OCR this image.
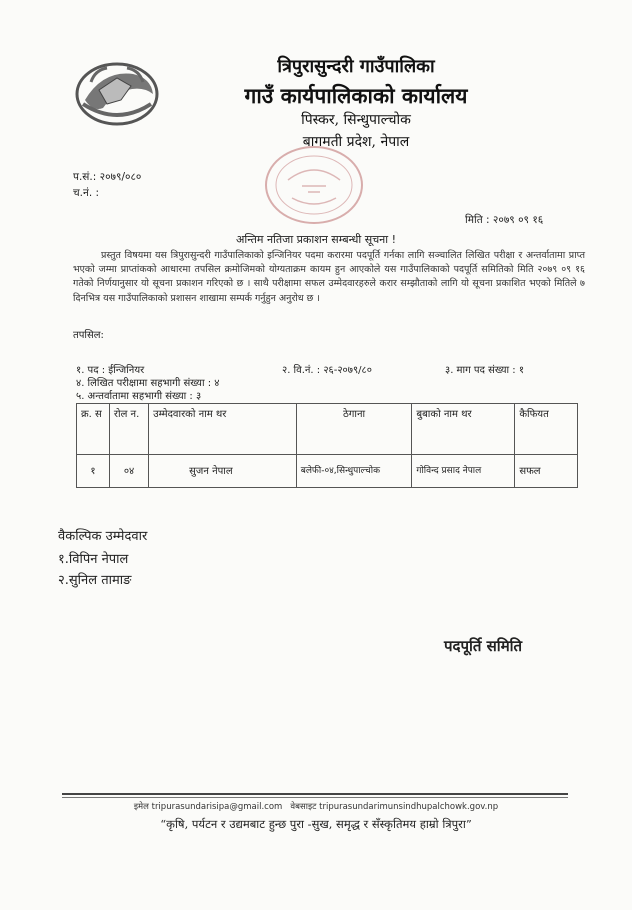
त्रिपुरासुन्दरी गाउँपालिका
गाउँ कार्यपालिकाको कार्यालय
पिस्कर, सिन्धुपाल्चोक
बागमती प्रदेश, नेपाल
प.सं.: २०७९/०८०
च.नं. :
मिति : २०७९ ०९ १६
अन्तिम नतिजा प्रकाशन सम्बन्धी सूचना !
प्रस्तुत विषयमा यस त्रिपुरासुन्दरी गाउँपालिकाको इन्जिनियर पदमा करारमा पदपूर्ति गर्नका लागि सञ्चालित लिखित परीक्षा र अन्तर्वातामा प्राप्त भएको जम्मा प्राप्तांकको आधारमा तपसिल क्रमोजिमको योग्यताक्रम कायम हुन आएकोले यस गाउँपालिकाको पदपूर्ति समितिको मिति २०७९ ०९ १६ गतेको निर्णयानुसार यो सूचना प्रकाशन गरिएको छ । साथै परीक्षामा सफल उम्मेदवारहरुले करार सम्झौताको लागि यो सूचना प्रकाशित भएको मितिले ७ दिनभित्र यस गाउँपालिकाको प्रशासन शाखामा सम्पर्क गर्नुहुन अनुरोध छ ।
तपसिल:
१. पद : ईन्जिनियर	२. वि.नं. : २६-२०७९/८०	३. माग पद संख्या : १
४. लिखित परीक्षामा सहभागी संख्या : ४
५. अन्तर्वातामा सहभागी संख्या : ३
क्र. स	रोल न.	उम्मेदवारको नाम थर	ठेगाना	बुबाको नाम थर	कैफियत
१	०४	सुजन नेपाल	बलेफी-०४,सिन्धुपाल्चोक	गोविन्द प्रसाद नेपाल	सफल
वैकल्पिक उम्मेदवार
१.विपिन नेपाल
२.सुनिल तामाङ
पदपूर्ति समिति
इमेल tripurasundarisipa@gmail.com वेबसाइट tripurasundarimunsindhupalchowk.gov.np
“कृषि, पर्यटन र उद्यमबाट हुन्छ पुरा -सुख, समृद्ध र सँस्कृतिमय हाम्रो त्रिपुरा”
